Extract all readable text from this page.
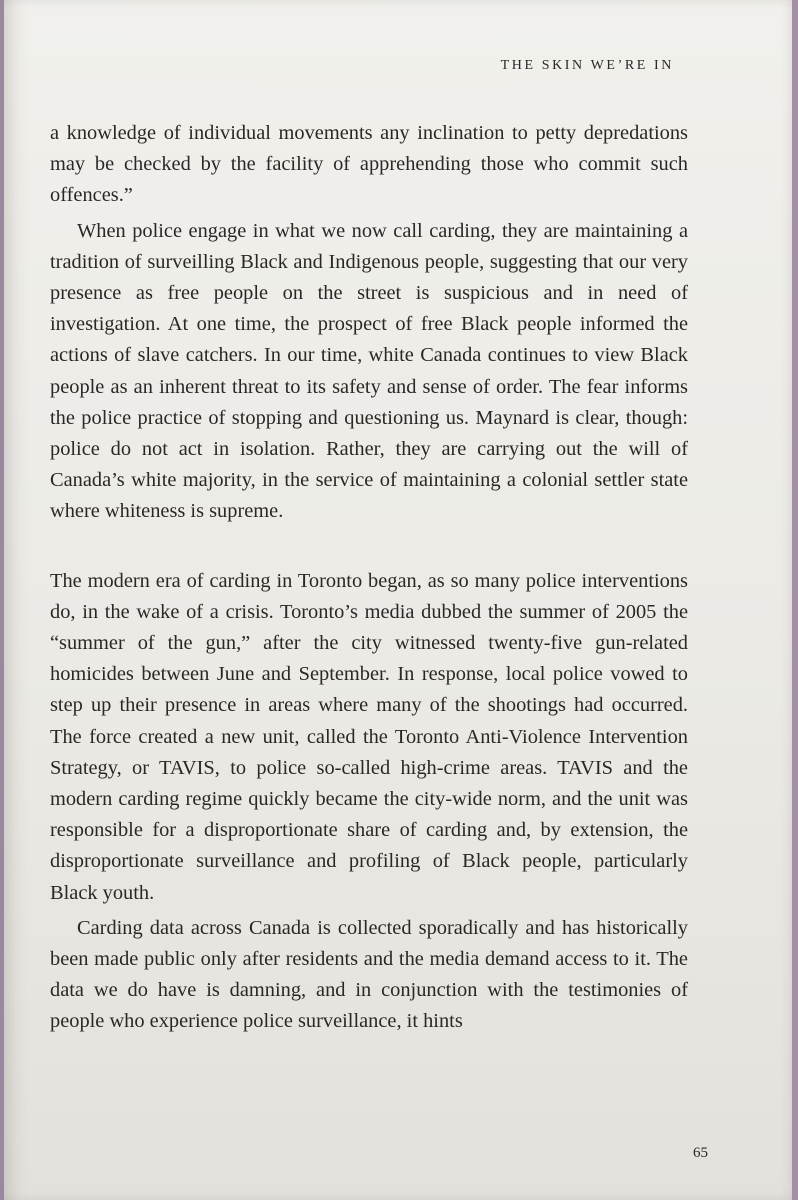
THE SKIN WE’RE IN

a knowledge of individual movements any inclination to petty depredations may be checked by the facility of apprehending those who commit such offences.”

When police engage in what we now call carding, they are maintaining a tradition of surveilling Black and Indigenous people, suggesting that our very presence as free people on the street is suspicious and in need of investigation. At one time, the prospect of free Black people informed the actions of slave catchers. In our time, white Canada continues to view Black people as an inherent threat to its safety and sense of order. The fear informs the police practice of stopping and questioning us. Maynard is clear, though: police do not act in isolation. Rather, they are carrying out the will of Canada’s white majority, in the service of maintaining a colonial settler state where whiteness is supreme.

The modern era of carding in Toronto began, as so many police interventions do, in the wake of a crisis. Toronto’s media dubbed the summer of 2005 the “summer of the gun,” after the city witnessed twenty-five gun-related homicides between June and September. In response, local police vowed to step up their presence in areas where many of the shootings had occurred. The force created a new unit, called the Toronto Anti-Violence Intervention Strategy, or TAVIS, to police so-called high-crime areas. TAVIS and the modern carding regime quickly became the city-wide norm, and the unit was responsible for a disproportionate share of carding and, by extension, the disproportionate surveillance and profiling of Black people, particularly Black youth.

Carding data across Canada is collected sporadically and has historically been made public only after residents and the media demand access to it. The data we do have is damning, and in conjunction with the testimonies of people who experience police surveillance, it hints

65
